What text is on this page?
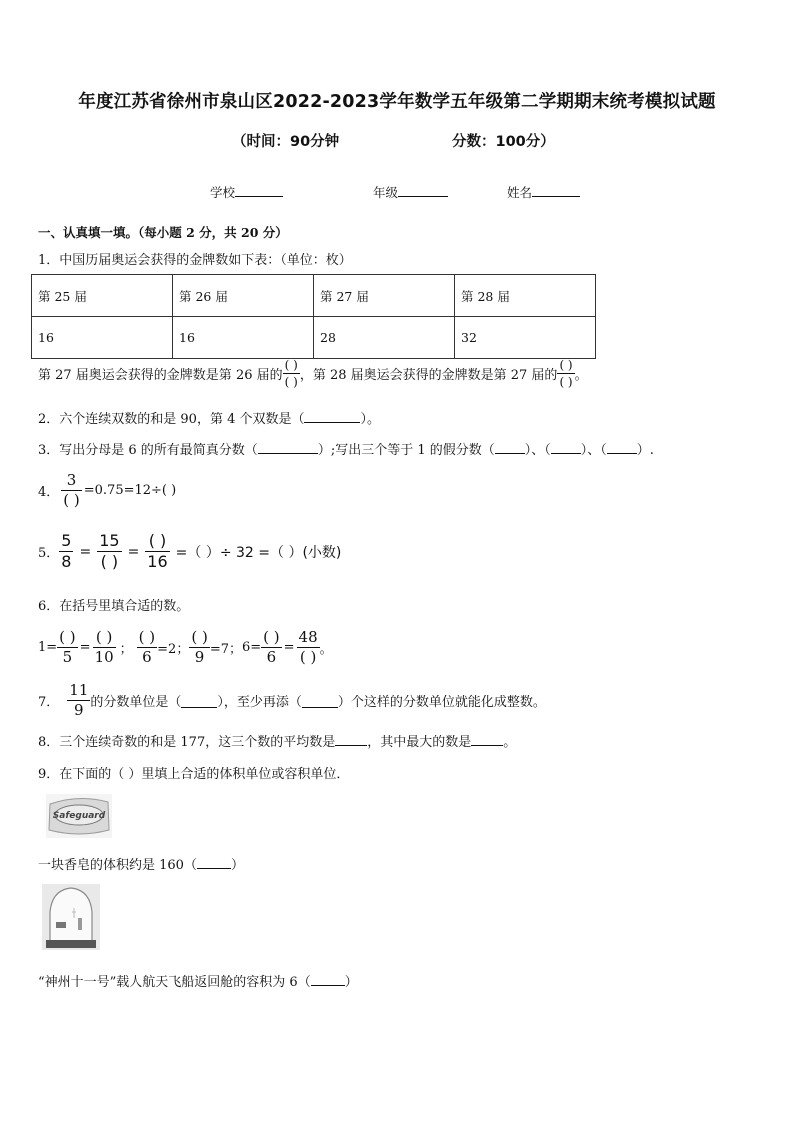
年度江苏省徐州市泉山区2022-2023学年数学五年级第二学期期末统考模拟试题
（时间：90分钟	分数：100分）
学校	年级	姓名
一、认真填一填。（每小题 2 分，共 20 分）
1．中国历届奥运会获得的金牌数如下表：（单位：枚）
第 25 届	第 26 届	第 27 届	第 28 届
16	16	28	32
第 27 届奥运会获得的金牌数是第 26 届的 $\frac{( )}{( )}$ ，第 28 届奥运会获得的金牌数是第 27 届的 $\frac{( )}{( )}$ 。
2．六个连续双数的和是 90，第 4 个双数是（	）。
3．写出分母是 6 的所有最简真分数（	）;写出三个等于 1 的假分数（ ）、（ ）、（ ）.
4． $\frac{3}{( )} =0.75=12\div$( )
5． $\frac{5}{8} = \frac{15}{( )} = \frac{( )}{16}$ =（ ）÷ 32 =（ ）(小数)
6．在括号里填合适的数。
$1= \frac{( )}{5} = \frac{( )}{10}$ ； $\frac{( )}{6} =2$； $\frac{( )}{9} =7$； $6= \frac{( )}{6} = \frac{48}{( )}$ 。
7． $\frac{11}{9}$ 的分数单位是（	），至少再添（	）个这样的分数单位就能化成整数。
8．三个连续奇数的和是 177，这三个数的平均数是 ，其中最大的数是 。
9．在下面的（ ）里填上合适的体积单位或容积单位．
Safeguard
一块香皂的体积约是 160（	）
“神州十一号”载人航天飞船返回舱的容积为 6（	）
